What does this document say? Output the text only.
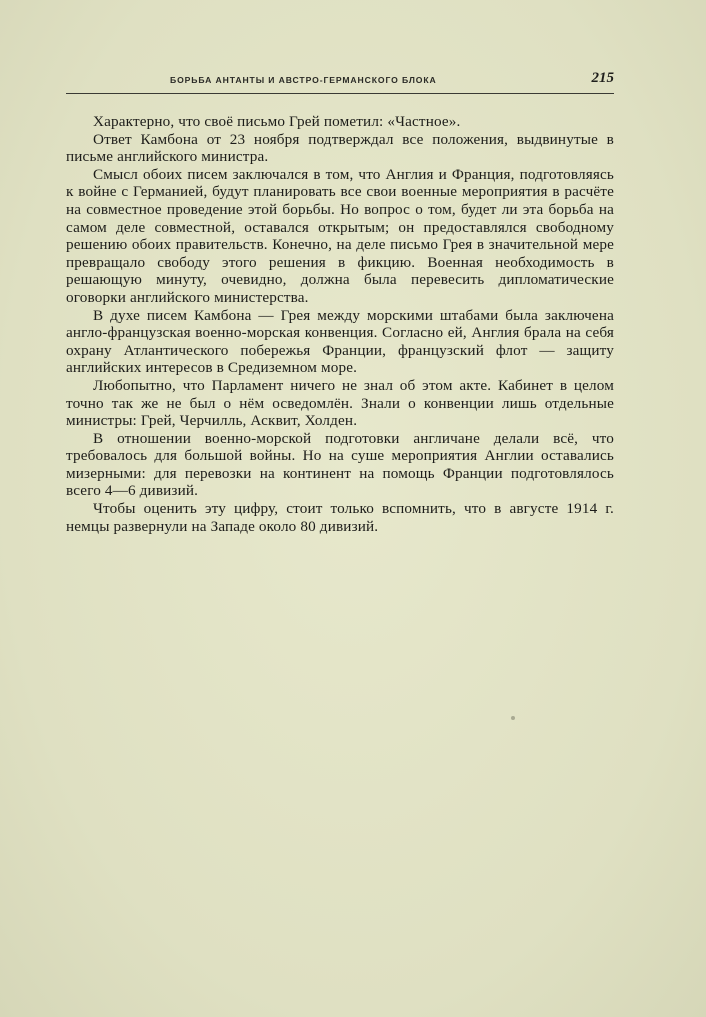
БОРЬБА АНТАНТЫ И АВСТРО-ГЕРМАНСКОГО БЛОКА	215

Характерно, что своё письмо Грей пометил: «Частное».

Ответ Камбона от 23 ноября подтверждал все положения, выдвинутые в письме английского министра.

Смысл обоих писем заключался в том, что Англия и Франция, подготовляясь к войне с Германией, будут планировать все свои военные мероприятия в расчёте на совместное проведение этой борьбы. Но вопрос о том, будет ли эта борьба на самом деле совместной, оставался открытым; он предоставлялся свободному решению обоих правительств. Конечно, на деле письмо Грея в значительной мере превращало свободу этого решения в фикцию. Военная необходимость в решающую минуту, очевидно, должна была перевесить дипломатические оговорки английского министерства.

В духе писем Камбона — Грея между морскими штабами была заключена англо-французская военно-морская конвенция. Согласно ей, Англия брала на себя охрану Атлантического побережья Франции, французский флот — защиту английских интересов в Средиземном море.

Любопытно, что Парламент ничего не знал об этом акте. Кабинет в целом точно так же не был о нём осведомлён. Знали о конвенции лишь отдельные министры: Грей, Черчилль, Асквит, Холден.

В отношении военно-морской подготовки англичане делали всё, что требовалось для большой войны. Но на суше мероприятия Англии оставались мизерными: для перевозки на континент на помощь Франции подготовлялось всего 4—6 дивизий.

Чтобы оценить эту цифру, стоит только вспомнить, что в августе 1914 г. немцы развернули на Западе около 80 дивизий.
